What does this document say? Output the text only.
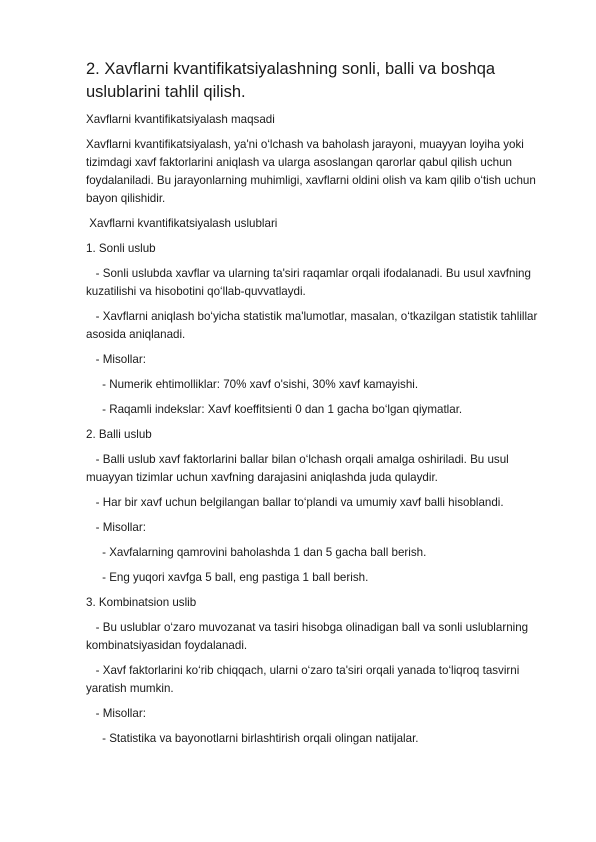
2. Xavflarni kvantifikatsiyalashning sonli, balli va boshqa uslublarini tahlil qilish.

Xavflarni kvantifikatsiyalash maqsadi

Xavflarni kvantifikatsiyalash, ya'ni o‘lchash va baholash jarayoni, muayyan loyiha yoki tizimdagi xavf faktorlarini aniqlash va ularga asoslangan qarorlar qabul qilish uchun foydalaniladi. Bu jarayonlarning muhimligi, xavflarni oldini olish va kam qilib o‘tish uchun bayon qilishidir.

Xavflarni kvantifikatsiyalash uslublari

1. Sonli uslub

- Sonli uslubda xavflar va ularning ta'siri raqamlar orqali ifodalanadi. Bu usul xavfning kuzatilishi va hisobotini qo‘llab-quvvatlaydi.

- Xavflarni aniqlash bo‘yicha statistik ma'lumotlar, masalan, o‘tkazilgan statistik tahlillar asosida aniqlanadi.

- Misollar:

- Numerik ehtimolliklar: 70% xavf o'sishi, 30% xavf kamayishi.

- Raqamli indekslar: Xavf koeffitsienti 0 dan 1 gacha bo‘lgan qiymatlar.

2. Balli uslub

- Balli uslub xavf faktorlarini ballar bilan o‘lchash orqali amalga oshiriladi. Bu usul muayyan tizimlar uchun xavfning darajasini aniqlashda juda qulaydir.

- Har bir xavf uchun belgilangan ballar to‘plandi va umumiy xavf balli hisoblandi.

- Misollar:

- Xavfalarning qamrovini baholashda 1 dan 5 gacha ball berish.

- Eng yuqori xavfga 5 ball, eng pastiga 1 ball berish.

3. Kombinatsion uslib

- Bu uslublar o‘zaro muvozanat va tasiri hisobga olinadigan ball va sonli uslublarning kombinatsiyasidan foydalanadi.

- Xavf faktorlarini ko‘rib chiqqach, ularni o‘zaro ta'siri orqali yanada to‘liqroq tasvirni yaratish mumkin.

- Misollar:

- Statistika va bayonotlarni birlashtirish orqali olingan natijalar.
